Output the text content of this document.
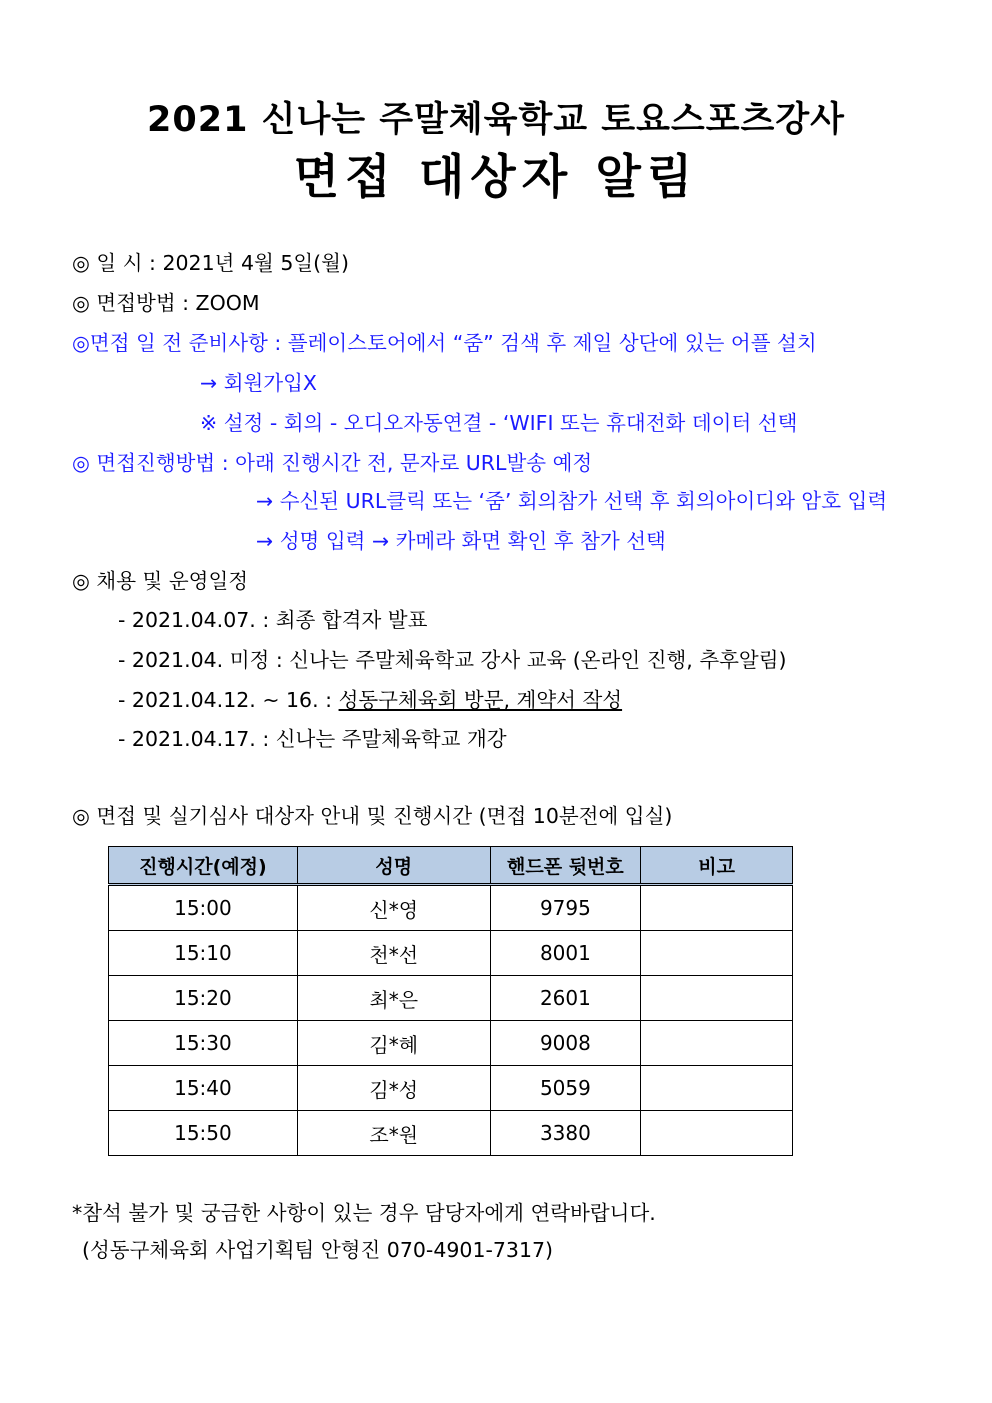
2021 신나는 주말체육학교 토요스포츠강사
면접 대상자 알림
◎ 일 시 : 2021년 4월 5일(월)
◎ 면접방법 : ZOOM
◎면접 일 전 준비사항 : 플레이스토어에서 “줌” 검색 후 제일 상단에 있는 어플 설치
→ 회원가입X
※ 설정 - 회의 - 오디오자동연결 - ‘WIFI 또는 휴대전화 데이터 선택
◎ 면접진행방법 : 아래 진행시간 전, 문자로 URL발송 예정
→ 수신된 URL클릭 또는 ‘줌’ 회의참가 선택 후 회의아이디와 암호 입력
→ 성명 입력 → 카메라 화면 확인 후 참가 선택
◎ 채용 및 운영일정
- 2021.04.07. : 최종 합격자 발표
- 2021.04. 미정 : 신나는 주말체육학교 강사 교육 (온라인 진행, 추후알림)
- 2021.04.12. ~ 16. : 성동구체육회 방문, 계약서 작성
- 2021.04.17. : 신나는 주말체육학교 개강
◎ 면접 및 실기심사 대상자 안내 및 진행시간 (면접 10분전에 입실)
진행시간(예정)	성명	핸드폰 뒷번호	비고
15:00	신*영	9795	
15:10	천*선	8001	
15:20	최*은	2601	
15:30	김*혜	9008	
15:40	김*성	5059	
15:50	조*원	3380	
*참석 불가 및 궁금한 사항이 있는 경우 담당자에게 연락바랍니다.
(성동구체육회 사업기획팀 안형진 070-4901-7317)
